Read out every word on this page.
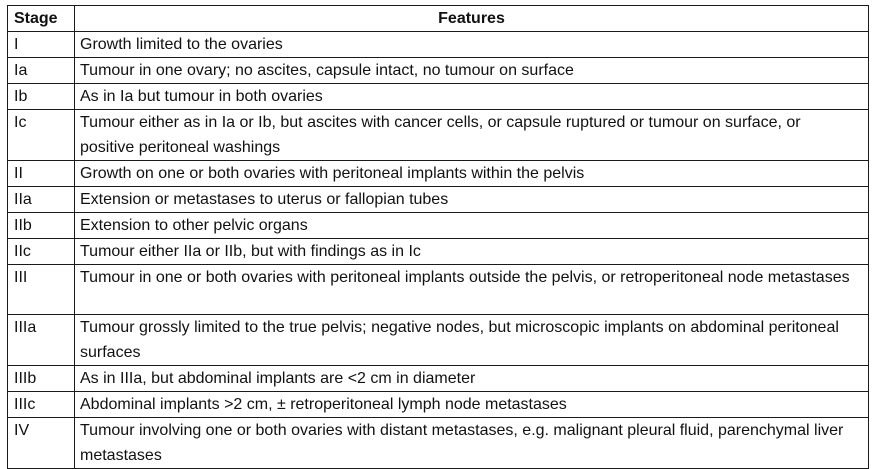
Stage	Features
I	Growth limited to the ovaries
Ia	Tumour in one ovary; no ascites, capsule intact, no tumour on surface
Ib	As in Ia but tumour in both ovaries
Ic	Tumour either as in Ia or Ib, but ascites with cancer cells, or capsule ruptured or tumour on surface, or positive peritoneal washings
II	Growth on one or both ovaries with peritoneal implants within the pelvis
IIa	Extension or metastases to uterus or fallopian tubes
IIb	Extension to other pelvic organs
IIc	Tumour either IIa or IIb, but with findings as in Ic
III	Tumour in one or both ovaries with peritoneal implants outside the pelvis, or retroperitoneal node metastases
IIIa	Tumour grossly limited to the true pelvis; negative nodes, but microscopic implants on abdominal peritoneal surfaces
IIIb	As in IIIa, but abdominal implants are <2 cm in diameter
IIIc	Abdominal implants >2 cm, ± retroperitoneal lymph node metastases
IV	Tumour involving one or both ovaries with distant metastases, e.g. malignant pleural fluid, parenchymal liver metastases
